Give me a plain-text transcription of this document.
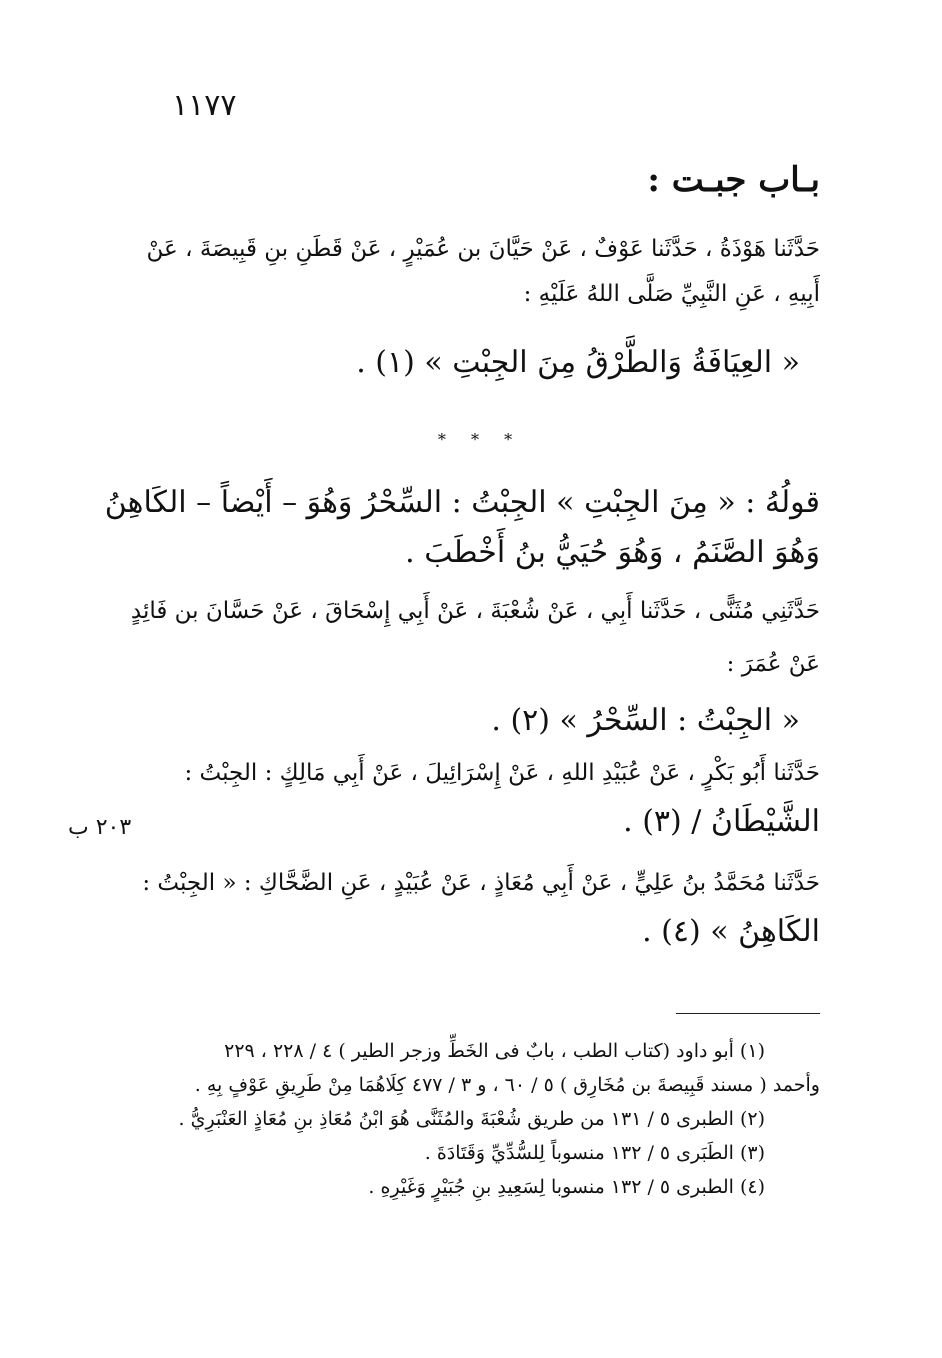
١١٧٧
بـاب جبـت :
حَدَّثَنا هَوْذَةُ ، حَدَّثَنا عَوْفٌ ، عَنْ حَيَّانَ بن عُمَيْرٍ ، عَنْ قَطَنِ بنِ قَبِيصَةَ ، عَنْ
أَبِيهِ ، عَنِ النَّبِيِّ صَلَّى اللهُ عَلَيْهِ :
« العِيَافَةُ وَالطَّرْقُ مِنَ الجِبْتِ » (١) .
* * *
قولُهُ : « مِنَ الجِبْتِ » الجِبْتُ : السِّحْرُ وَهُوَ – أَيْضاً – الكَاهِنُ
وَهُوَ الصَّنَمُ ، وَهُوَ حُيَيُّ بنُ أَخْطَبَ .
حَدَّثَنِي مُثَنًّى ، حَدَّثَنا أَبِي ، عَنْ شُعْبَةَ ، عَنْ أَبِي إِسْحَاقَ ، عَنْ حَسَّانَ بن فَائِدٍ
عَنْ عُمَرَ :
« الجِبْتُ : السِّحْرُ » (٢) .
حَدَّثَنا أَبُو بَكْرٍ ، عَنْ عُبَيْدِ اللهِ ، عَنْ إِسْرَائِيلَ ، عَنْ أَبِي مَالِكٍ : الجِبْتُ :
الشَّيْطَانُ / (٣) .
حَدَّثَنا مُحَمَّدُ بنُ عَلِيٍّ ، عَنْ أَبِي مُعَاذٍ ، عَنْ عُبَيْدٍ ، عَنِ الضَّحَّاكِ : « الجِبْتُ :
الكَاهِنُ » (٤) .
٢٠٣ ب
(١) أبو داود (كتاب الطب ، بابٌ فى الخَطِّ وزجر الطير ) ٤ / ٢٢٨ ، ٢٢٩
وأحمد ( مسند قَبِيصةَ بن مُخَارِق ) ٥ / ٦٠ ، و ٣ / ٤٧٧ كِلَاهُمَا مِنْ طَرِيقِ عَوْفٍ بِهِ .
(٢) الطبرى ٥ / ١٣١ من طريق شُعْبَةَ والمُثَنَّى هُوَ ابْنُ مُعَاذِ بنِ مُعَاذٍ العَنْبَرِيُّ .
(٣) الطَبَرى ٥ / ١٣٢ منسوباً لِلسُّدِّيِّ وَقَتَادَةَ .
(٤) الطبرى ٥ / ١٣٢ منسوبا لِسَعِيدِ بنِ جُبَيْرٍ وَغَيْرِهِ .
